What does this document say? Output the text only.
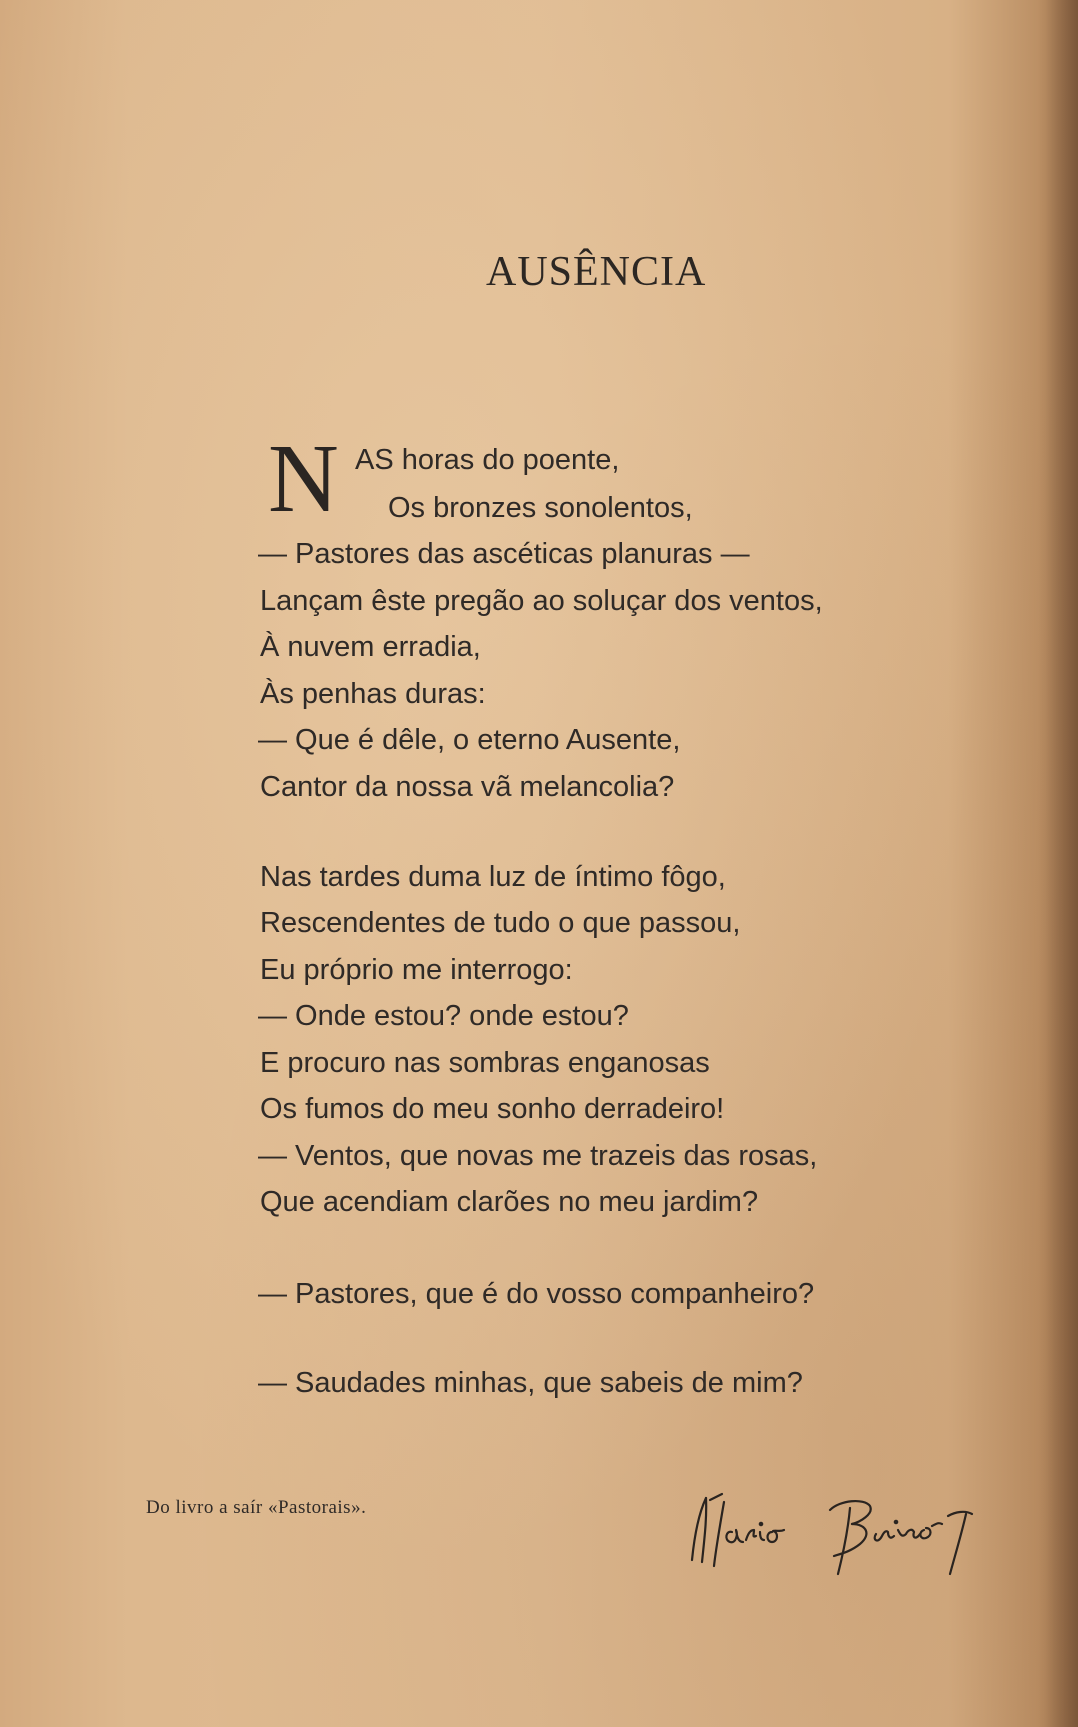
AUSÊNCIA
N AS horas do poente,
Os bronzes sonolentos,
— Pastores das ascéticas planuras —
Lançam êste pregão ao soluçar dos ventos,
À nuvem erradia,
Às penhas duras:
— Que é dêle, o eterno Ausente,
Cantor da nossa vã melancolia?
Nas tardes duma luz de íntimo fôgo,
Rescendentes de tudo o que passou,
Eu próprio me interrogo:
— Onde estou? onde estou?
E procuro nas sombras enganosas
Os fumos do meu sonho derradeiro!
— Ventos, que novas me trazeis das rosas,
Que acendiam clarões no meu jardim?
— Pastores, que é do vosso companheiro?
— Saudades minhas, que sabeis de mim?
Do livro a saír «Pastorais».
